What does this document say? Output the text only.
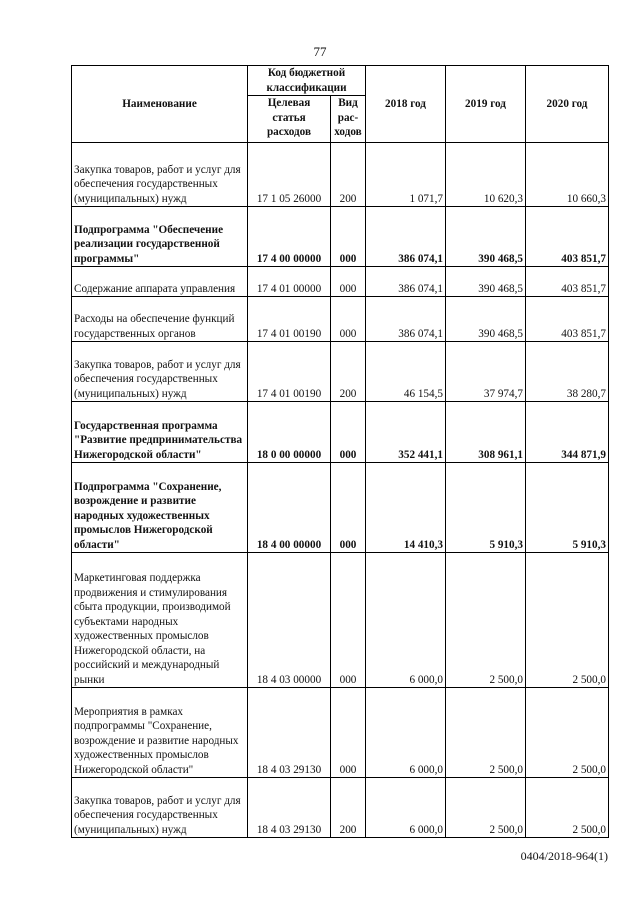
77
Наименование	Код бюджетной классификации		2018 год	2019 год	2020 год
	Целевая статья расходов	Вид рас- ходов			
Закупка товаров, работ и услуг для обеспечения государственных (муниципальных) нужд	17 1 05 26000	200	1 071,7	10 620,3	10 660,3
Подпрограмма "Обеспечение реализации государственной программы"	17 4 00 00000	000	386 074,1	390 468,5	403 851,7
Содержание аппарата управления	17 4 01 00000	000	386 074,1	390 468,5	403 851,7
Расходы на обеспечение функций государственных органов	17 4 01 00190	000	386 074,1	390 468,5	403 851,7
Закупка товаров, работ и услуг для обеспечения государственных (муниципальных) нужд	17 4 01 00190	200	46 154,5	37 974,7	38 280,7
Государственная программа "Развитие предпринимательства Нижегородской области"	18 0 00 00000	000	352 441,1	308 961,1	344 871,9
Подпрограмма "Сохранение, возрождение и развитие народных художественных промыслов Нижегородской области"	18 4 00 00000	000	14 410,3	5 910,3	5 910,3
Маркетинговая поддержка продвижения и стимулирования сбыта продукции, производимой субъектами народных художественных промыслов Нижегородской области, на российский и международный рынки	18 4 03 00000	000	6 000,0	2 500,0	2 500,0
Мероприятия в рамках подпрограммы "Сохранение, возрождение и развитие народных художественных промыслов Нижегородской области"	18 4 03 29130	000	6 000,0	2 500,0	2 500,0
Закупка товаров, работ и услуг для обеспечения государственных (муниципальных) нужд	18 4 03 29130	200	6 000,0	2 500,0	2 500,0
0404/2018-964(1)
